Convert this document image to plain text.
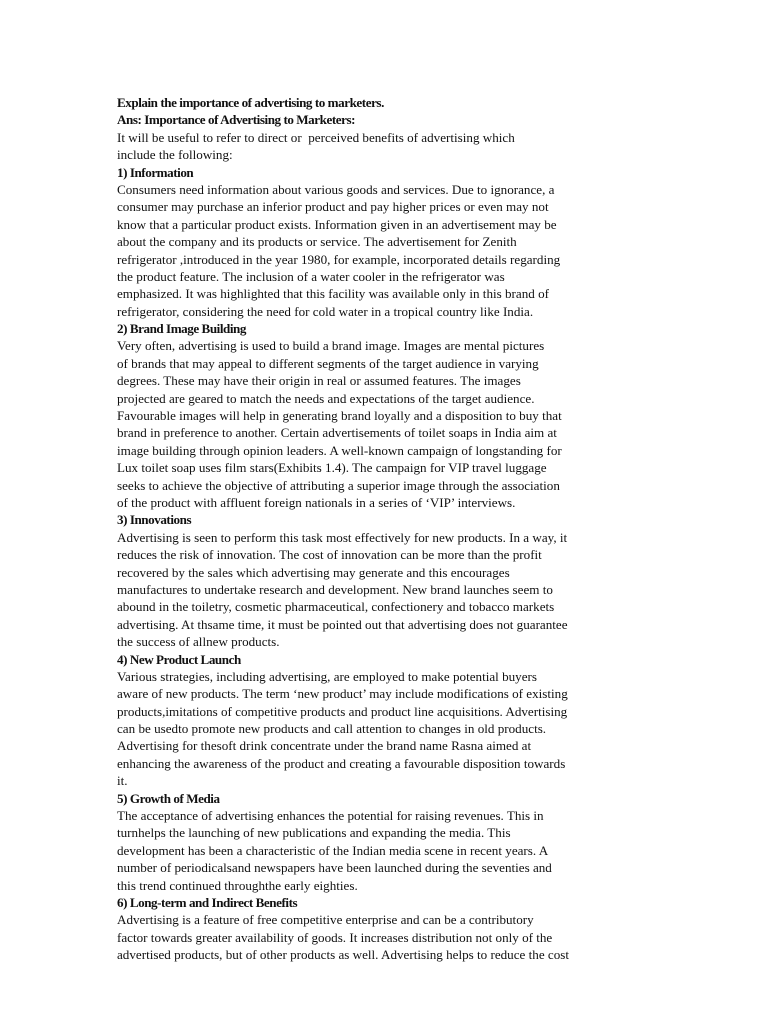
Explain the importance of advertising to marketers.
Ans: Importance of Advertising to Marketers:
It will be useful to refer to direct or  perceived benefits of advertising which
include the following:
1) Information
Consumers need information about various goods and services. Due to ignorance, a
consumer may purchase an inferior product and pay higher prices or even may not
know that a particular product exists. Information given in an advertisement may be
about the company and its products or service. The advertisement for Zenith
refrigerator ,introduced in the year 1980, for example, incorporated details regarding
the product feature. The inclusion of a water cooler in the refrigerator was
emphasized. It was highlighted that this facility was available only in this brand of
refrigerator, considering the need for cold water in a tropical country like India.
2) Brand Image Building
Very often, advertising is used to build a brand image. Images are mental pictures
of brands that may appeal to different segments of the target audience in varying
degrees. These may have their origin in real or assumed features. The images
projected are geared to match the needs and expectations of the target audience.
Favourable images will help in generating brand loyally and a disposition to buy that
brand in preference to another. Certain advertisements of toilet soaps in India aim at
image building through opinion leaders. A well-known campaign of longstanding for
Lux toilet soap uses film stars(Exhibits 1.4). The campaign for VIP travel luggage
seeks to achieve the objective of attributing a superior image through the association
of the product with affluent foreign nationals in a series of ‘VIP’ interviews.
3) Innovations
Advertising is seen to perform this task most effectively for new products. In a way, it
reduces the risk of innovation. The cost of innovation can be more than the profit
recovered by the sales which advertising may generate and this encourages
manufactures to undertake research and development. New brand launches seem to
abound in the toiletry, cosmetic pharmaceutical, confectionery and tobacco markets
advertising. At thsame time, it must be pointed out that advertising does not guarantee
the success of allnew products.
4) New Product Launch
Various strategies, including advertising, are employed to make potential buyers
aware of new products. The term ‘new product’ may include modifications of existing
products,imitations of competitive products and product line acquisitions. Advertising
can be usedto promote new products and call attention to changes in old products.
Advertising for thesoft drink concentrate under the brand name Rasna aimed at
enhancing the awareness of the product and creating a favourable disposition towards
it.
5) Growth of Media
The acceptance of advertising enhances the potential for raising revenues. This in
turnhelps the launching of new publications and expanding the media. This
development has been a characteristic of the Indian media scene in recent years. A
number of periodicalsand newspapers have been launched during the seventies and
this trend continued throughthe early eighties.
6) Long-term and Indirect Benefits
Advertising is a feature of free competitive enterprise and can be a contributory
factor towards greater availability of goods. It increases distribution not only of the
advertised products, but of other products as well. Advertising helps to reduce the cost
